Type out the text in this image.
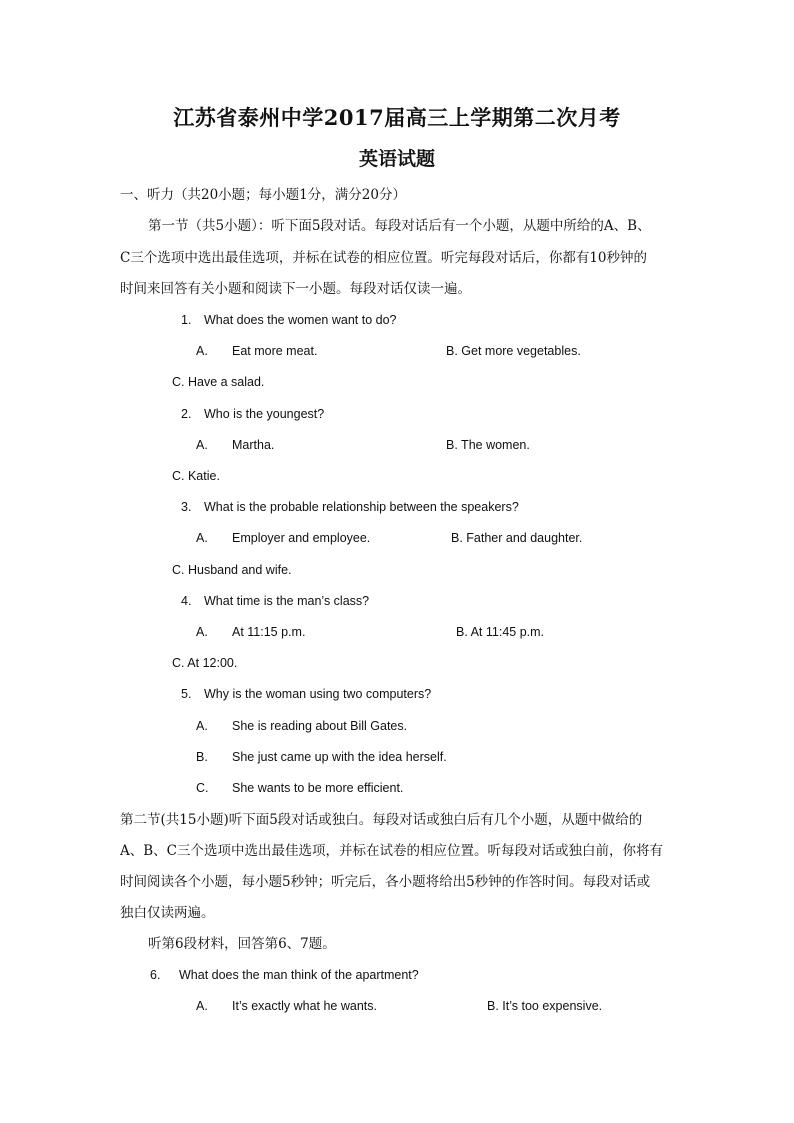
江苏省泰州中学2017届高三上学期第二次月考
英语试题
一、听力（共20小题；每小题1分，满分20分）
第一节（共5小题）：听下面5段对话。每段对话后有一个小题，从题中所给的A、B、
C三个选项中选出最佳选项，并标在试卷的相应位置。听完每段对话后，你都有10秒钟的
时间来回答有关小题和阅读下一小题。每段对话仅读一遍。
1. What does the women want to do?
A. Eat more meat.	B. Get more vegetables.
C. Have a salad.
2. Who is the youngest?
A. Martha.	B. The women.
C. Katie.
3. What is the probable relationship between the speakers?
A. Employer and employee.	B. Father and daughter.
C. Husband and wife.
4. What time is the man’s class?
A. At 11:15 p.m.	B. At 11:45 p.m.
C. At 12:00.
5. Why is the woman using two computers?
A. She is reading about Bill Gates.
B. She just came up with the idea herself.
C. She wants to be more efficient.
第二节(共15小题)听下面5段对话或独白。每段对话或独白后有几个小题，从题中做给的
A、B、C三个选项中选出最佳选项，并标在试卷的相应位置。听每段对话或独白前，你将有
时间阅读各个小题，每小题5秒钟；听完后，各小题将给出5秒钟的作答时间。每段对话或
独白仅读两遍。
听第6段材料，回答第6、7题。
6. What does the man think of the apartment?
A. It’s exactly what he wants.	B. It’s too expensive.
